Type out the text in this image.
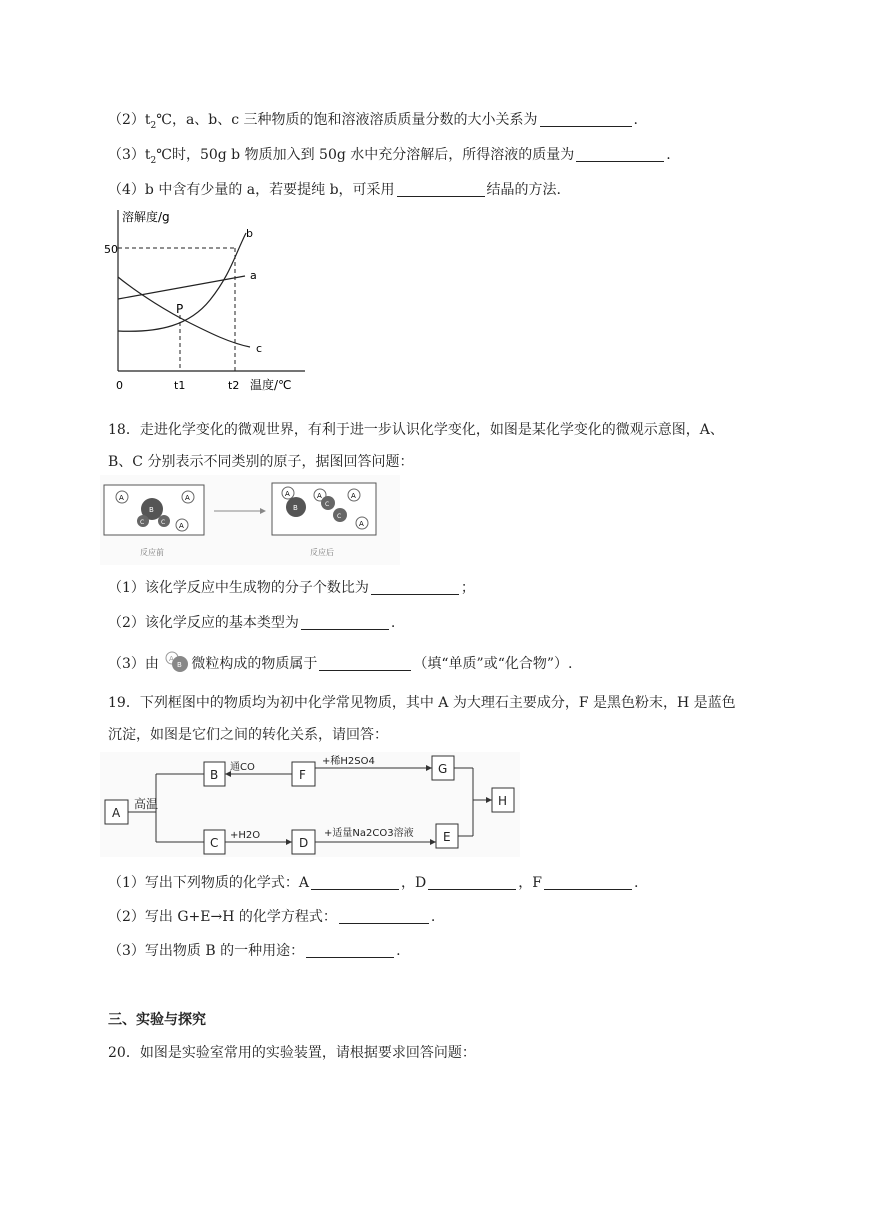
$(2)t_2℃$，a、b、c 三种物质的饱和溶液溶质质量分数的大小关系为	.
$(3)t_2℃$时，50g b 物质加入到 50g 水中充分溶解后，所得溶液的质量为	.
（4）b 中含有少量的 a，若要提纯 b，可采用	结晶的方法.
溶解度/g
50
0	t1	t2 温度/℃
P
a
b
c
18．走进化学变化的微观世界，有利于进一步认识化学变化，如图是某化学变化的微观示意图，A、
B、C 分别表示不同类别的原子，据图回答问题：
A	A
A
B
C	C
A
B
A
C
C
A
A
反应前	反应后
（1）该化学反应中生成物的分子个数比为	；
（2）该化学反应的基本类型为	.
（3）由 A
B 微粒构成的物质属于	（填“单质”或“化合物”）.
19．下列框图中的物质均为初中化学常见物质，其中 A 为大理石主要成分，F 是黑色粉末，H 是蓝色
沉淀，如图是它们之间的转化关系，请回答：
A
B
C	D	E
F	G
H
高温
通CO
+稀H2SO4
+H2O	+适量Na2CO3溶液
（1）写出下列物质的化学式：A	，D	，F	.
（2）写出 G+E→H 的化学方程式：	.
（3）写出物质 B 的一种用途：	.
三、实验与探究
20．如图是实验室常用的实验装置，请根据要求回答问题：
